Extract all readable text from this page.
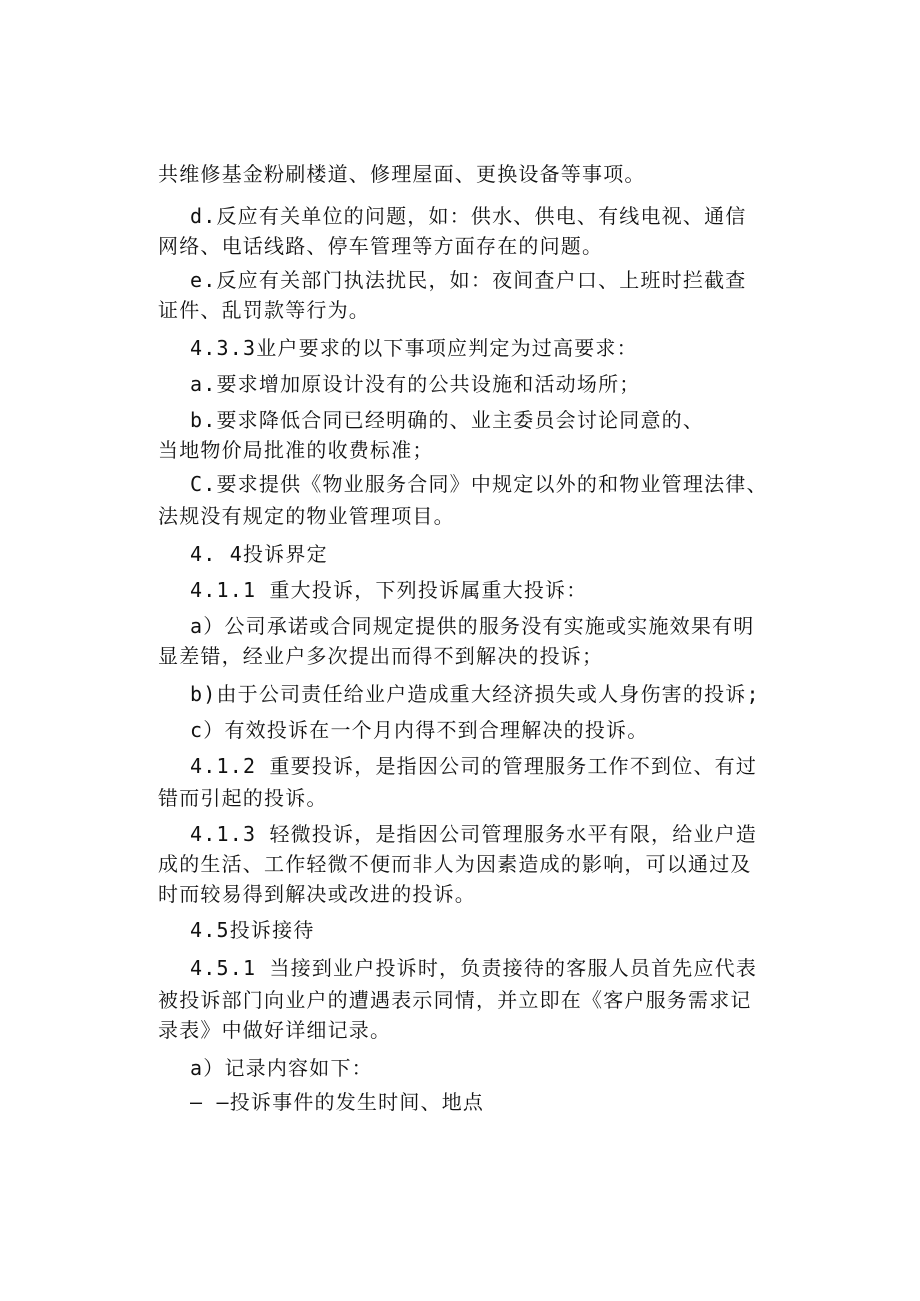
共维修基金粉刷楼道、修理屋面、更换设备等事项。
d.反应有关单位的问题，如：供水、供电、有线电视、通信
网络、电话线路、停车管理等方面存在的问题。
e.反应有关部门执法扰民，如：夜间査户口、上班时拦截查
证件、乱罚款等行为。
4.3.3业户要求的以下事项应判定为过高要求：
a.要求增加原设计没有的公共设施和活动场所；
b.要求降低合同已经明确的、业主委员会讨论同意的、
当地物价局批准的收费标准；
C.要求提供《物业服务合同》中规定以外的和物业管理法律、
法规没有规定的物业管理项目。
4. 4投诉界定
4.1.1 重大投诉，下列投诉属重大投诉：
a）公司承诺或合同规定提供的服务没有实施或实施效果有明
显差错，经业户多次提出而得不到解决的投诉；
b)由于公司责任给业户造成重大经济损失或人身伤害的投诉;
c）有效投诉在一个月内得不到合理解决的投诉。
4.1.2 重要投诉，是指因公司的管理服务工作不到位、有过
错而引起的投诉。
4.1.3 轻微投诉，是指因公司管理服务水平有限，给业户造
成的生活、工作轻微不便而非人为因素造成的影响，可以通过及
时而较易得到解决或改进的投诉。
4.5投诉接待
4.5.1 当接到业户投诉时，负责接待的客服人员首先应代表
被投诉部门向业户的遭遇表示同情，并立即在《客户服务需求记
录表》中做好详细记录。
a）记录内容如下：
— —投诉事件的发生时间、地点
